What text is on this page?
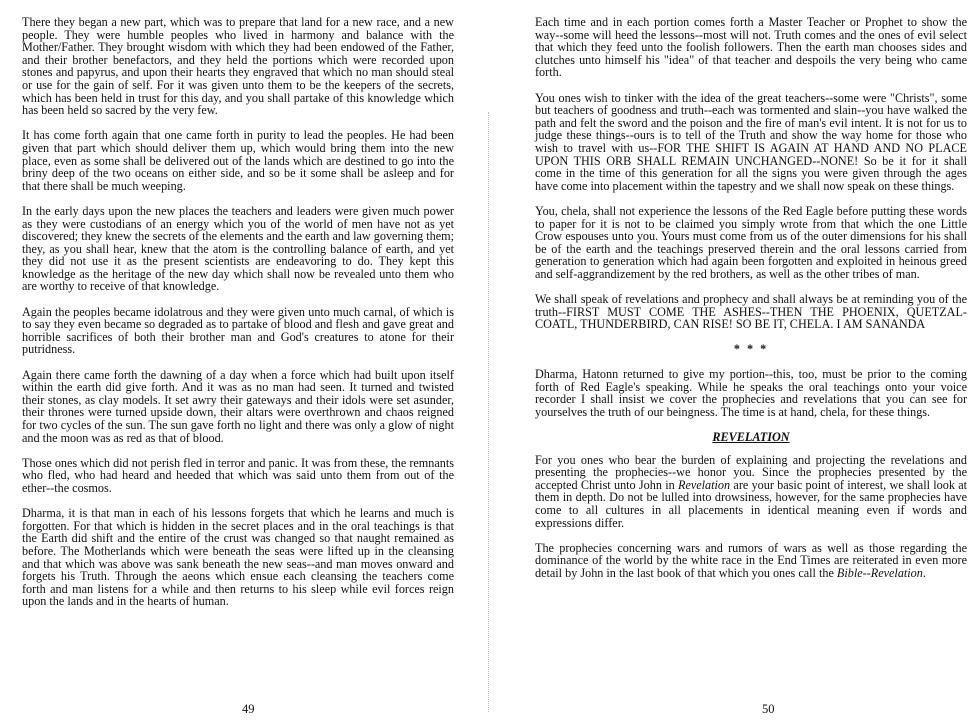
There they began a new part, which was to prepare that land for a new race, and a new people. They were humble peoples who lived in harmony and balance with the Mother/Father. They brought wisdom with which they had been endowed of the Father, and their brother benefactors, and they held the portions which were recorded upon stones and papyrus, and upon their hearts they engraved that which no man should steal or use for the gain of self. For it was given unto them to be the keepers of the secrets, which has been held in trust for this day, and you shall partake of this knowledge which has been held so sacred by the very few.

It has come forth again that one came forth in purity to lead the peoples. He had been given that part which should deliver them up, which would bring them into the new place, even as some shall be delivered out of the lands which are destined to go into the briny deep of the two oceans on either side, and so be it some shall be asleep and for that there shall be much weeping.

In the early days upon the new places the teachers and leaders were given much power as they were custodians of an energy which you of the world of men have not as yet discovered; they knew the secrets of the elements and the earth and law governing them; they, as you shall hear, knew that the atom is the controlling balance of earth, and yet they did not use it as the present scientists are endeavoring to do. They kept this knowledge as the heritage of the new day which shall now be revealed unto them who are worthy to receive of that knowledge.

Again the peoples became idolatrous and they were given unto much carnal, of which is to say they even became so degraded as to partake of blood and flesh and gave great and horrible sacrifices of both their brother man and God's creatures to atone for their putridness.

Again there came forth the dawning of a day when a force which had built upon itself within the earth did give forth. And it was as no man had seen. It turned and twisted their stones, as clay models. It set awry their gateways and their idols were set asunder, their thrones were turned upside down, their altars were overthrown and chaos reigned for two cycles of the sun. The sun gave forth no light and there was only a glow of night and the moon was as red as that of blood.

Those ones which did not perish fled in terror and panic. It was from these, the remnants who fled, who had heard and heeded that which was said unto them from out of the ether--the cosmos.

Dharma, it is that man in each of his lessons forgets that which he learns and much is forgotten. For that which is hidden in the secret places and in the oral teachings is that the Earth did shift and the entire of the crust was changed so that naught remained as before. The Motherlands which were beneath the seas were lifted up in the cleansing and that which was above was sank beneath the new seas--and man moves onward and forgets his Truth. Through the aeons which ensue each cleansing the teachers come forth and man listens for a while and then returns to his sleep while evil forces reign upon the lands and in the hearts of human.

Each time and in each portion comes forth a Master Teacher or Prophet to show the way--some will heed the lessons--most will not. Truth comes and the ones of evil select that which they feed unto the foolish followers. Then the earth man chooses sides and clutches unto himself his "idea" of that teacher and despoils the very being who came forth.

You ones wish to tinker with the idea of the great teachers--some were "Christs", some but teachers of goodness and truth--each was tormented and slain--you have walked the path and felt the sword and the poison and the fire of man's evil intent. It is not for us to judge these things--ours is to tell of the Truth and show the way home for those who wish to travel with us--FOR THE SHIFT IS AGAIN AT HAND AND NO PLACE UPON THIS ORB SHALL REMAIN UNCHANGED--NONE! So be it for it shall come in the time of this generation for all the signs you were given through the ages have come into placement within the tapestry and we shall now speak on these things.

You, chela, shall not experience the lessons of the Red Eagle before putting these words to paper for it is not to be claimed you simply wrote from that which the one Little Crow espouses unto you. Yours must come from us of the outer dimensions for his shall be of the earth and the teachings preserved therein and the oral lessons carried from generation to generation which had again been forgotten and exploited in heinous greed and self-aggrandizement by the red brothers, as well as the other tribes of man.

We shall speak of revelations and prophecy and shall always be at reminding you of the truth--FIRST MUST COME THE ASHES--THEN THE PHOENIX, QUETZAL-COATL, THUNDERBIRD, CAN RISE! SO BE IT, CHELA. I AM SANANDA

* * *

Dharma, Hatonn returned to give my portion--this, too, must be prior to the coming forth of Red Eagle's speaking. While he speaks the oral teachings onto your voice recorder I shall insist we cover the prophecies and revelations that you can see for yourselves the truth of our beingness. The time is at hand, chela, for these things.

REVELATION

For you ones who bear the burden of explaining and projecting the revelations and presenting the prophecies--we honor you. Since the prophecies presented by the accepted Christ unto John in Revelation are your basic point of interest, we shall look at them in depth. Do not be lulled into drowsiness, however, for the same prophecies have come to all cultures in all placements in identical meaning even if words and expressions differ.

The prophecies concerning wars and rumors of wars as well as those regarding the dominance of the world by the white race in the End Times are reiterated in even more detail by John in the last book of that which you ones call the Bible--Revelation.

49	50
